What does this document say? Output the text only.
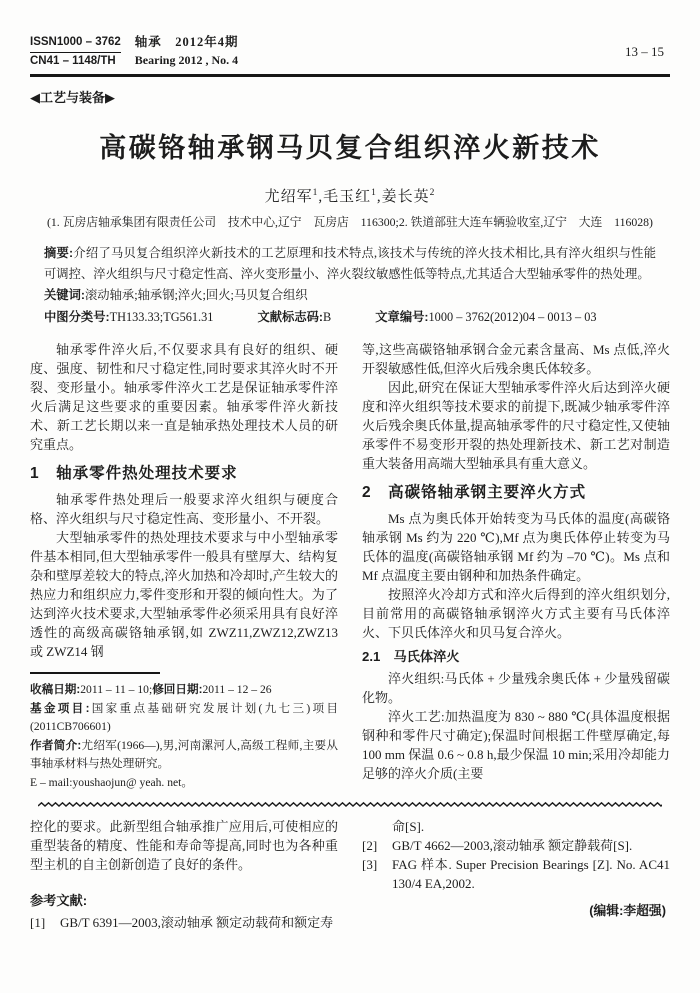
ISSN1000 – 3762
CN41 – 1148/TH
轴承　2012年4期
Bearing 2012 , No. 4
13 – 15
◀工艺与装备▶
高碳铬轴承钢马贝复合组织淬火新技术
尤绍军$^1$,毛玉红$^1$,姜长英$^2$
(1. 瓦房店轴承集团有限责任公司　技术中心,辽宁　瓦房店　116300;2. 铁道部驻大连车辆验收室,辽宁　大连　116028)

摘要:介绍了马贝复合组织淬火新技术的工艺原理和技术特点,该技术与传统的淬火技术相比,具有淬火组织与性能可调控、淬火组织与尺寸稳定性高、淬火变形量小、淬火裂纹敏感性低等特点,尤其适合大型轴承零件的热处理。

关键词:滚动轴承;轴承钢;淬火;回火;马贝复合组织

中图分类号:TH133.33;TG561.31	文献标志码:B	文章编号:1000 – 3762(2012)04 – 0013 – 03

轴承零件淬火后,不仅要求具有良好的组织、硬度、强度、韧性和尺寸稳定性,同时要求其淬火时不开裂、变形量小。轴承零件淬火工艺是保证轴承零件淬火后满足这些要求的重要因素。轴承零件淬火新技术、新工艺长期以来一直是轴承热处理技术人员的研究重点。

1　轴承零件热处理技术要求

轴承零件热处理后一般要求淬火组织与硬度合格、淬火组织与尺寸稳定性高、变形量小、不开裂。

大型轴承零件的热处理技术要求与中小型轴承零件基本相同,但大型轴承零件一般具有壁厚大、结构复杂和壁厚差较大的特点,淬火加热和冷却时,产生较大的热应力和组织应力,零件变形和开裂的倾向性大。为了达到淬火技术要求,大型轴承零件必须采用具有良好淬透性的高级高碳铬轴承钢,如 ZWZ11,ZWZ12,ZWZ13 或 ZWZ14 钢

收稿日期:2011 – 11 – 10;修回日期:2011 – 12 – 26

基金项目:国家重点基础研究发展计划(九七三)项目(2011CB706601)

作者简介:尤绍军(1966—),男,河南漯河人,高级工程师,主要从事轴承材料与热处理研究。

E – mail:youshaojun@ yeah. net。

等,这些高碳铬轴承钢合金元素含量高、Ms 点低,淬火开裂敏感性低,但淬火后残余奥氏体较多。

因此,研究在保证大型轴承零件淬火后达到淬火硬度和淬火组织等技术要求的前提下,既减少轴承零件淬火后残余奥氏体量,提高轴承零件的尺寸稳定性,又使轴承零件不易变形开裂的热处理新技术、新工艺对制造重大装备用高端大型轴承具有重大意义。

2　高碳铬轴承钢主要淬火方式

Ms 点为奥氏体开始转变为马氏体的温度(高碳铬轴承钢 Ms 约为 220 ℃),Mf 点为奥氏体停止转变为马氏体的温度(高碳铬轴承钢 Mf 约为 –70 ℃)。Ms 点和 Mf 点温度主要由钢种和加热条件确定。

按照淬火冷却方式和淬火后得到的淬火组织划分,目前常用的高碳铬轴承钢淬火方式主要有马氏体淬火、下贝氏体淬火和贝马复合淬火。

2.1　马氏体淬火

淬火组织:马氏体 + 少量残余奥氏体 + 少量残留碳化物。

淬火工艺:加热温度为 830 ~ 880 ℃(具体温度根据钢种和零件尺寸确定);保温时间根据工件壁厚确定,每 100 mm 保温 0.6 ~ 0.8 h,最少保温 10 min;采用冷却能力足够的淬火介质(主要

控化的要求。此新型组合轴承推广应用后,可使相应的重型装备的精度、性能和寿命等提高,同时也为各种重型主机的自主创新创造了良好的条件。

参考文献:
[1]	GB/T 6391—2003,滚动轴承 额定动载荷和额定寿
命[S].
[2]	GB/T 4662—2003,滚动轴承 额定静载荷[S].
[3]	FAG 样本. Super Precision Bearings [Z]. No. AC41 130/4 EA,2002.
(编辑:李超强)
